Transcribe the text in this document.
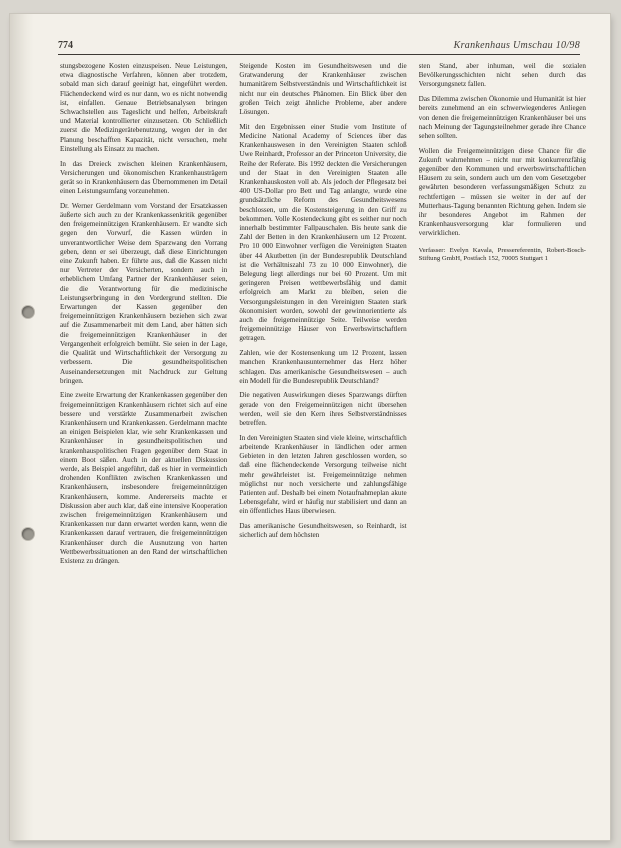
774	Krankenhaus Umschau 10/98

stungsbezogene Kosten einzuspeisen. Neue Leistungen, etwa diagnostische Verfahren, können aber trotzdem, sobald man sich darauf geeinigt hat, eingeführt werden. Flächendeckend wird es nur dann, wo es nicht notwendig ist, einfallen. Genaue Betriebsanalysen bringen Schwachstellen aus Tageslicht und helfen, Arbeitskraft und Material kontrollierter einzusetzen. Ob Schließlich zuerst die Medizingerätebenutzung, wegen der in der Planung beschafften Kapazität, nicht versuchen, mehr Einstellung als Einsatz zu machen.

In das Dreieck zwischen kleinen Krankenhäusern, Versicherungen und ökonomischen Krankenhausträgern gerät so in Krankenhäusern das Übernommenen im Detail einen Leistungsumfang vorzunehmen.

Dr. Werner Gerdelmann vom Vorstand der Ersatzkassen äußerte sich auch zu der Krankenkassenkritik gegenüber den freigemeinnützigen Krankenhäusern. Er wandte sich gegen den Vorwurf, die Kassen würden in unverantwortlicher Weise dem Sparzwang den Vorrang geben, denn er sei überzeugt, daß diese Einrichtungen eine Zukunft haben. Er führte aus, daß die Kassen nicht nur Vertreter der Versicherten, sondern auch in erheblichem Umfang Partner der Krankenhäuser seien, die die Verantwortung für die medizinische Leistungserbringung in den Vordergrund stellten. Die Erwartungen der Kassen gegenüber den freigemeinnützigen Krankenhäusern beziehen sich zwar auf die Zusammenarbeit mit dem Land, aber hätten sich die freigemeinnützigen Krankenhäuser in der Vergangenheit erfolgreich bemüht. Sie seien in der Lage, die Qualität und Wirtschaftlichkeit der Versorgung zu verbessern. Die gesundheitspolitischen Auseinandersetzungen mit Nachdruck zur Geltung bringen.

Eine zweite Erwartung der Krankenkassen gegenüber den freigemeinnützigen Krankenhäusern richtet sich auf eine bessere und verstärkte Zusammenarbeit zwischen Krankenhäusern und Krankenkassen. Gerdelmann machte an einigen Beispielen klar, wie sehr Krankenkassen und Krankenhäuser in gesundheitspolitischen und krankenhauspolitischen Fragen gegenüber dem Staat in einem Boot säßen. Auch in der aktuellen Diskussion werde, als Beispiel angeführt, daß es hier in vermeintlich drohenden Konflikten zwischen Krankenkassen und Krankenhäusern, insbesondere freigemeinnützigen Krankenhäusern, komme. Andererseits machte er Diskussion aber auch klar, daß eine intensive Kooperation zwischen freigemeinnützigen Krankenhäusern und Krankenkassen nur dann erwartet werden kann, wenn die Krankenkassen darauf vertrauen, die freigemeinnützigen Krankenhäuser durch die Ausnutzung von harten Wettbewerbssituationen an den Rand der wirtschaftlichen Existenz zu drängen.

Steigende Kosten im Gesundheitswesen und die Gratwanderung der Krankenhäuser zwischen humanitärem Selbstverständnis und Wirtschaftlichkeit ist nicht nur ein deutsches Phänomen. Ein Blick über den großen Teich zeigt ähnliche Probleme, aber andere Lösungen.

Mit den Ergebnissen einer Studie vom Institute of Medicine National Academy of Sciences über das Krankenhauswesen in den Vereinigten Staaten schloß Uwe Reinhardt, Professor an der Princeton University, die Reihe der Referate. Bis 1992 deckten die Versicherungen und der Staat in den Vereinigten Staaten alle Krankenhauskosten voll ab. Als jedoch der Pflegesatz bei 400 US-Dollar pro Bett und Tag anlangte, wurde eine grundsätzliche Reform des Gesundheitswesens beschlossen, um die Kostensteigerung in den Griff zu bekommen. Volle Kostendeckung gibt es seither nur noch innerhalb bestimmter Fallpauschalen. Bis heute sank die Zahl der Betten in den Krankenhäusern um 12 Prozent. Pro 10 000 Einwohner verfügen die Vereinigten Staaten über 44 Akutbetten (in der Bundesrepublik Deutschland ist die Verhältniszahl 73 zu 10 000 Einwohner), die Belegung liegt allerdings nur bei 60 Prozent. Um mit geringeren Preisen wettbewerbsfähig und damit erfolgreich am Markt zu bleiben, seien die Versorgungsleistungen in den Vereinigten Staaten stark ökonomisiert worden, sowohl der gewinnorientierte als auch die freigemeinnützige Seite. Teilweise werden freigemeinnützige Häuser von Erwerbswirtschaftlern getragen.

Zahlen, wie der Kostensenkung um 12 Prozent, lassen manchen Krankenhausunternehmer das Herz höher schlagen. Das amerikanische Gesundheitswesen – auch ein Modell für die Bundesrepublik Deutschland?

Die negativen Auswirkungen dieses Sparzwangs dürften gerade von den Freigemeinnützigen nicht übersehen werden, weil sie den Kern ihres Selbstverständnisses betreffen.

In den Vereinigten Staaten sind viele kleine, wirtschaftlich arbeitende Krankenhäuser in ländlichen oder armen Gebieten in den letzten Jahren geschlossen worden, so daß eine flächendeckende Versorgung teilweise nicht mehr gewährleistet ist. Freigemeinnützige nehmen möglichst nur noch versicherte und zahlungsfähige Patienten auf. Deshalb bei einem Notaufnahmeplan akute Lebensgefahr, wird er häufig nur stabilisiert und dann an ein öffentliches Haus überwiesen.

Das amerikanische Gesundheitswesen, so Reinhardt, ist sicherlich auf dem höchsten

sten Stand, aber inhuman, weil die sozialen Bevölkerungsschichten nicht sehen durch das Versorgungsnetz fallen.

Das Dilemma zwischen Ökonomie und Humanität ist hier bereits zunehmend an ein schwerwiegenderes Anliegen von denen die freigemeinnützigen Krankenhäuser bei uns nach Meinung der Tagungsteilnehmer gerade ihre Chance sehen sollten.

Wollen die Freigemeinnützigen diese Chance für die Zukunft wahrnehmen – nicht nur mit konkurrenzfähig gegenüber den Kommunen und erwerbswirtschaftlichen Häusern zu sein, sondern auch um den vom Gesetzgeber gewährten besonderen verfassungsmäßigen Schutz zu rechtfertigen – müssen sie weiter in der auf der Mutterhaus-Tagung benannten Richtung gehen. Indem sie ihr besonderes Angebot im Rahmen der Krankenhausversorgung klar formulieren und verwirklichen.

Verfasser: Evelyn Kavala, Pressereferentin, Robert-Bosch-Stiftung GmbH, Postfach 152, 70005 Stuttgart 1
